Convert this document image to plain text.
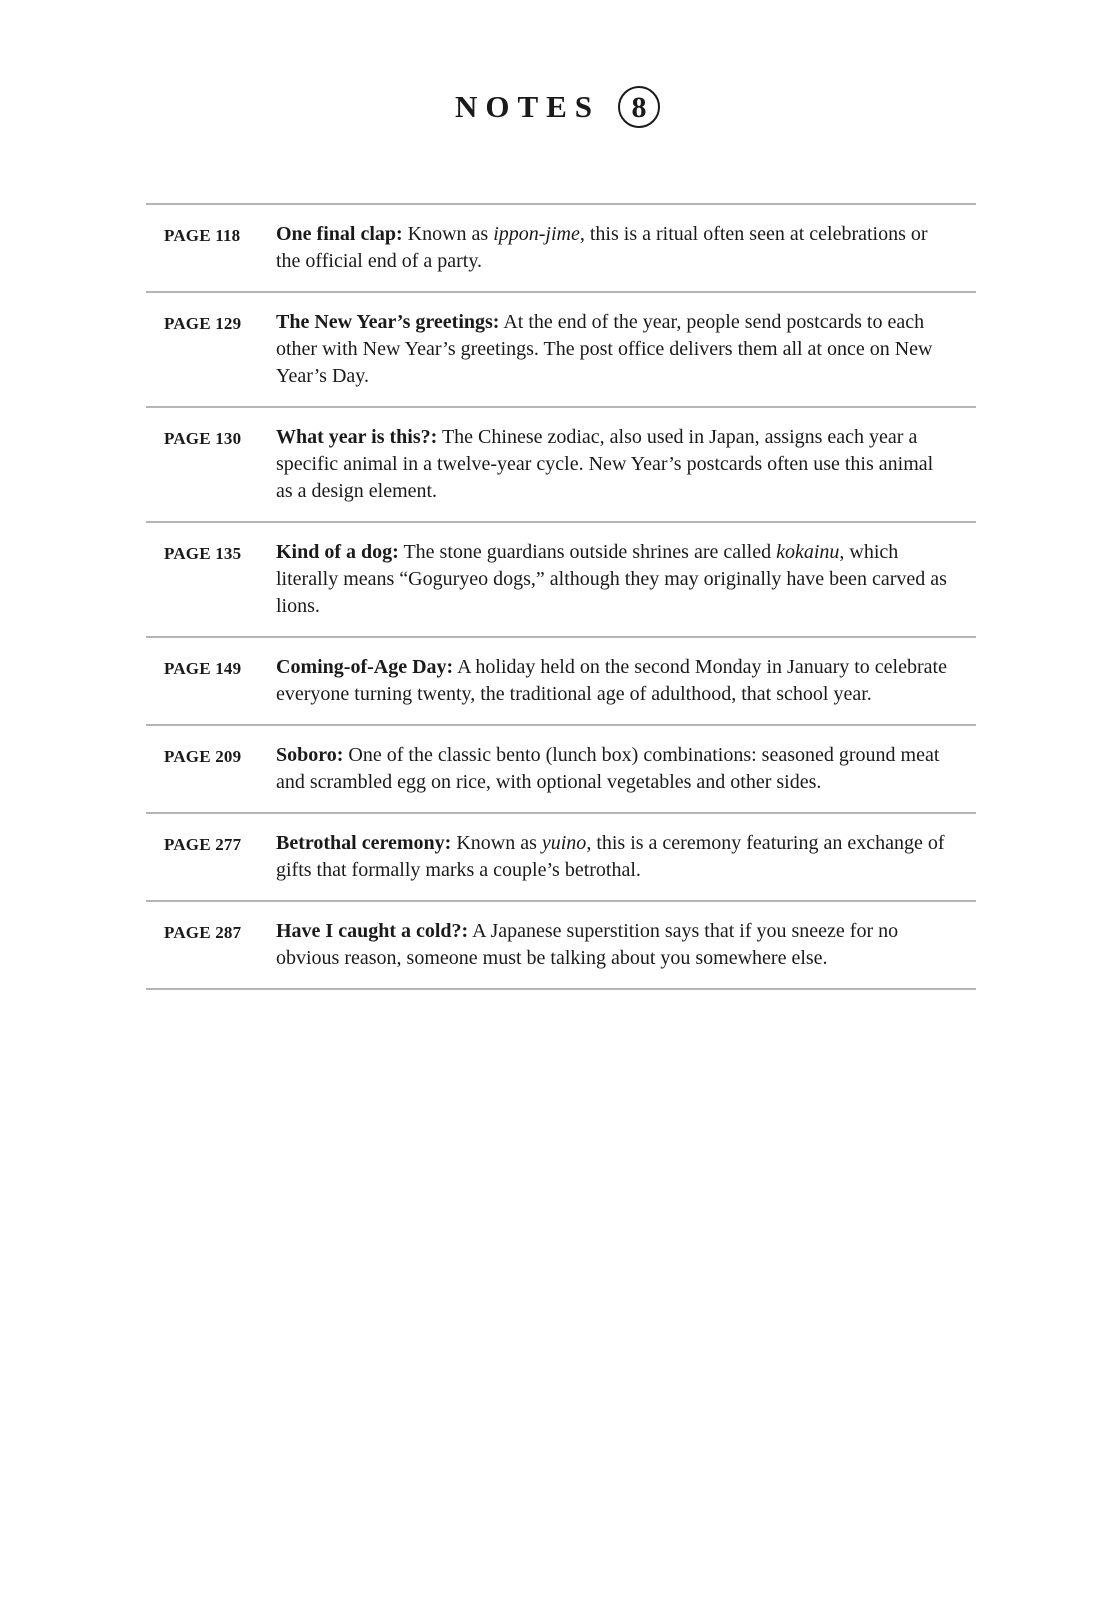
NOTES	8
PAGE 118	One final clap: Known as ippon-jime, this is a ritual often seen at celebrations or the official end of a party.
PAGE 129	The New Year’s greetings: At the end of the year, people send postcards to each other with New Year’s greetings. The post office delivers them all at once on New Year’s Day.
PAGE 130	What year is this?: The Chinese zodiac, also used in Japan, assigns each year a specific animal in a twelve-year cycle. New Year’s postcards often use this animal as a design element.
PAGE 135	Kind of a dog: The stone guardians outside shrines are called kokainu, which literally means “Goguryeo dogs,” although they may originally have been carved as lions.
PAGE 149	Coming-of-Age Day: A holiday held on the second Monday in January to celebrate everyone turning twenty, the traditional age of adulthood, that school year.
PAGE 209	Soboro: One of the classic bento (lunch box) combinations: seasoned ground meat and scrambled egg on rice, with optional vegetables and other sides.
PAGE 277	Betrothal ceremony: Known as yuino, this is a ceremony featuring an exchange of gifts that formally marks a couple’s betrothal.
PAGE 287	Have I caught a cold?: A Japanese superstition says that if you sneeze for no obvious reason, someone must be talking about you somewhere else.
